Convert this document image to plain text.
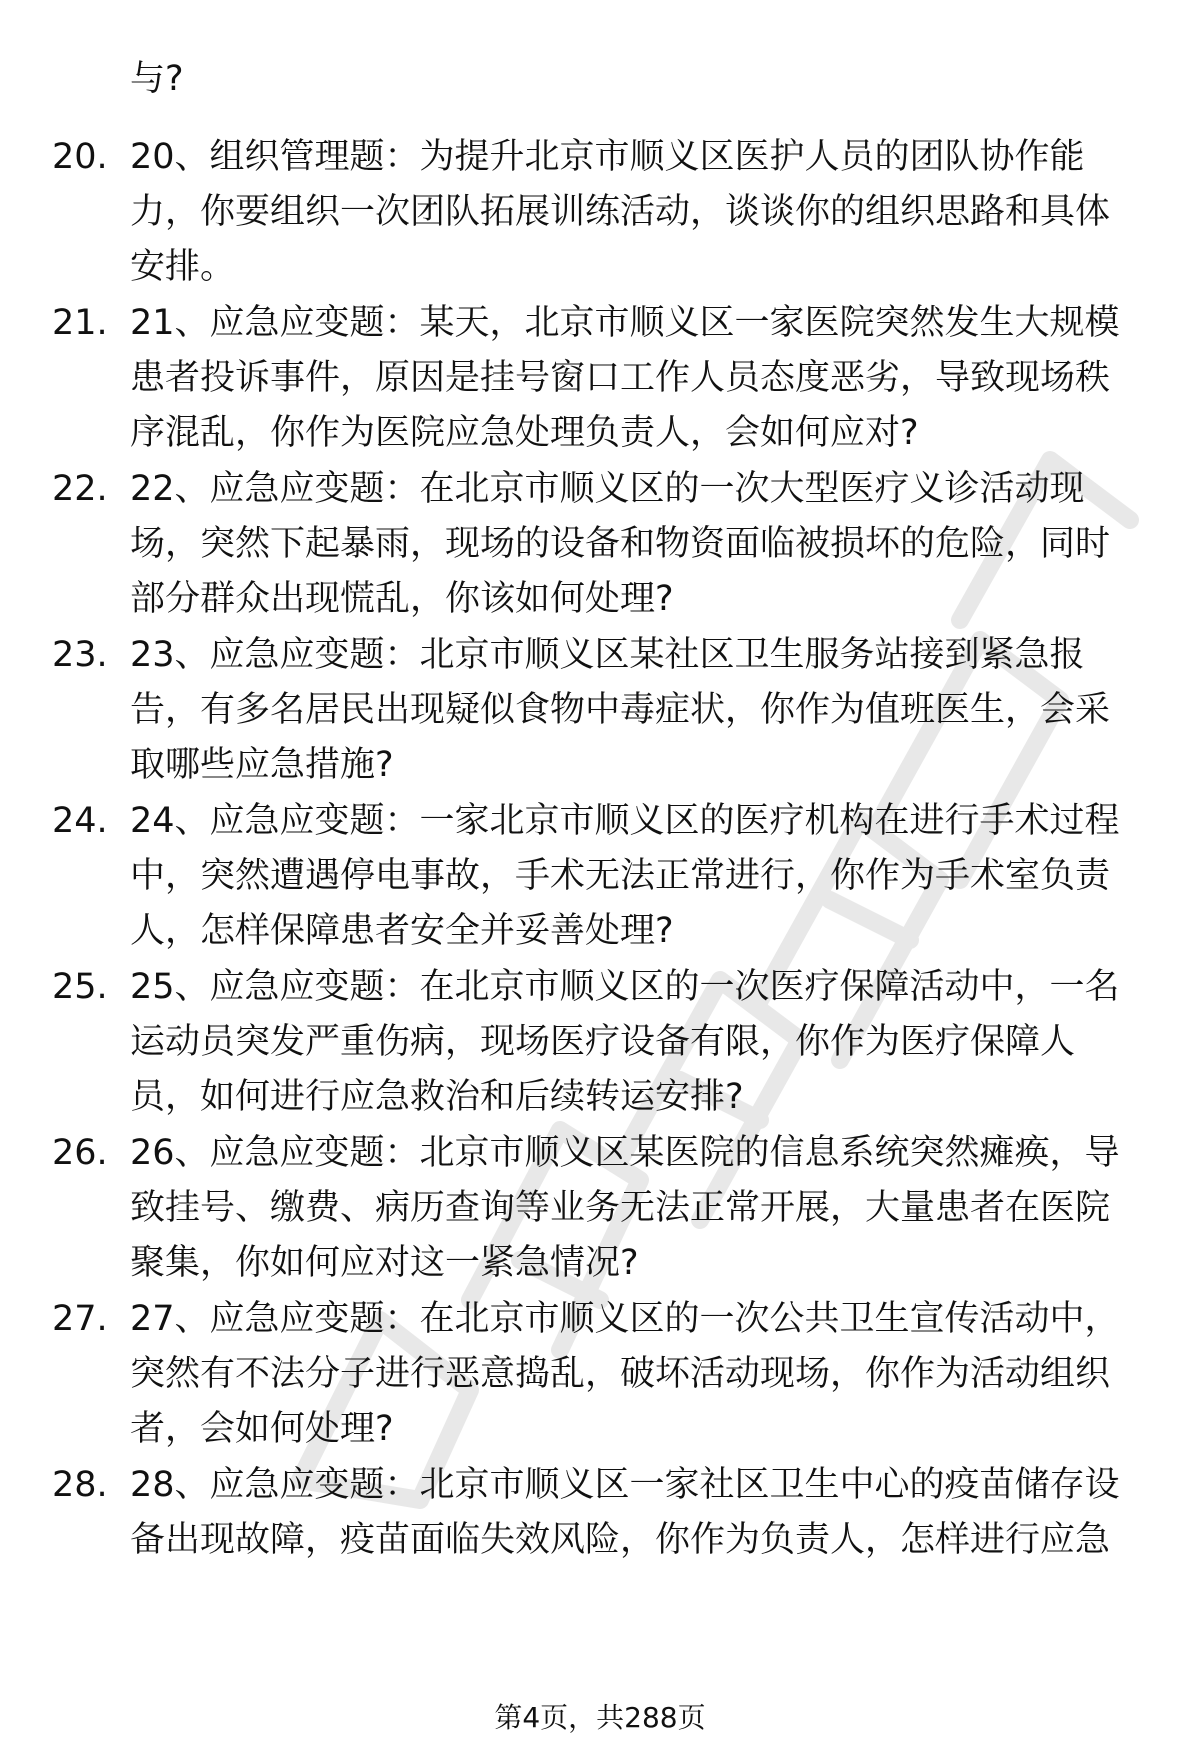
与?
20. 20、组织管理题：为提升北京市顺义区医护人员的团队协作能
力，你要组织一次团队拓展训练活动，谈谈你的组织思路和具体
安排。
21. 21、应急应变题：某天，北京市顺义区一家医院突然发生大规模
患者投诉事件，原因是挂号窗口工作人员态度恶劣，导致现场秩
序混乱，你作为医院应急处理负责人，会如何应对?
22. 22、应急应变题：在北京市顺义区的一次大型医疗义诊活动现
场，突然下起暴雨，现场的设备和物资面临被损坏的危险，同时
部分群众出现慌乱，你该如何处理?
23. 23、应急应变题：北京市顺义区某社区卫生服务站接到紧急报
告，有多名居民出现疑似食物中毒症状，你作为值班医生，会采
取哪些应急措施?
24. 24、应急应变题：一家北京市顺义区的医疗机构在进行手术过程
中，突然遭遇停电事故，手术无法正常进行，你作为手术室负责
人，怎样保障患者安全并妥善处理?
25. 25、应急应变题：在北京市顺义区的一次医疗保障活动中，一名
运动员突发严重伤病，现场医疗设备有限，你作为医疗保障人
员，如何进行应急救治和后续转运安排?
26. 26、应急应变题：北京市顺义区某医院的信息系统突然瘫痪，导
致挂号、缴费、病历查询等业务无法正常开展，大量患者在医院
聚集，你如何应对这一紧急情况?
27. 27、应急应变题：在北京市顺义区的一次公共卫生宣传活动中，
突然有不法分子进行恶意捣乱，破坏活动现场，你作为活动组织
者，会如何处理?
28. 28、应急应变题：北京市顺义区一家社区卫生中心的疫苗储存设
备出现故障，疫苗面临失效风险，你作为负责人，怎样进行应急
第4页，共288页
